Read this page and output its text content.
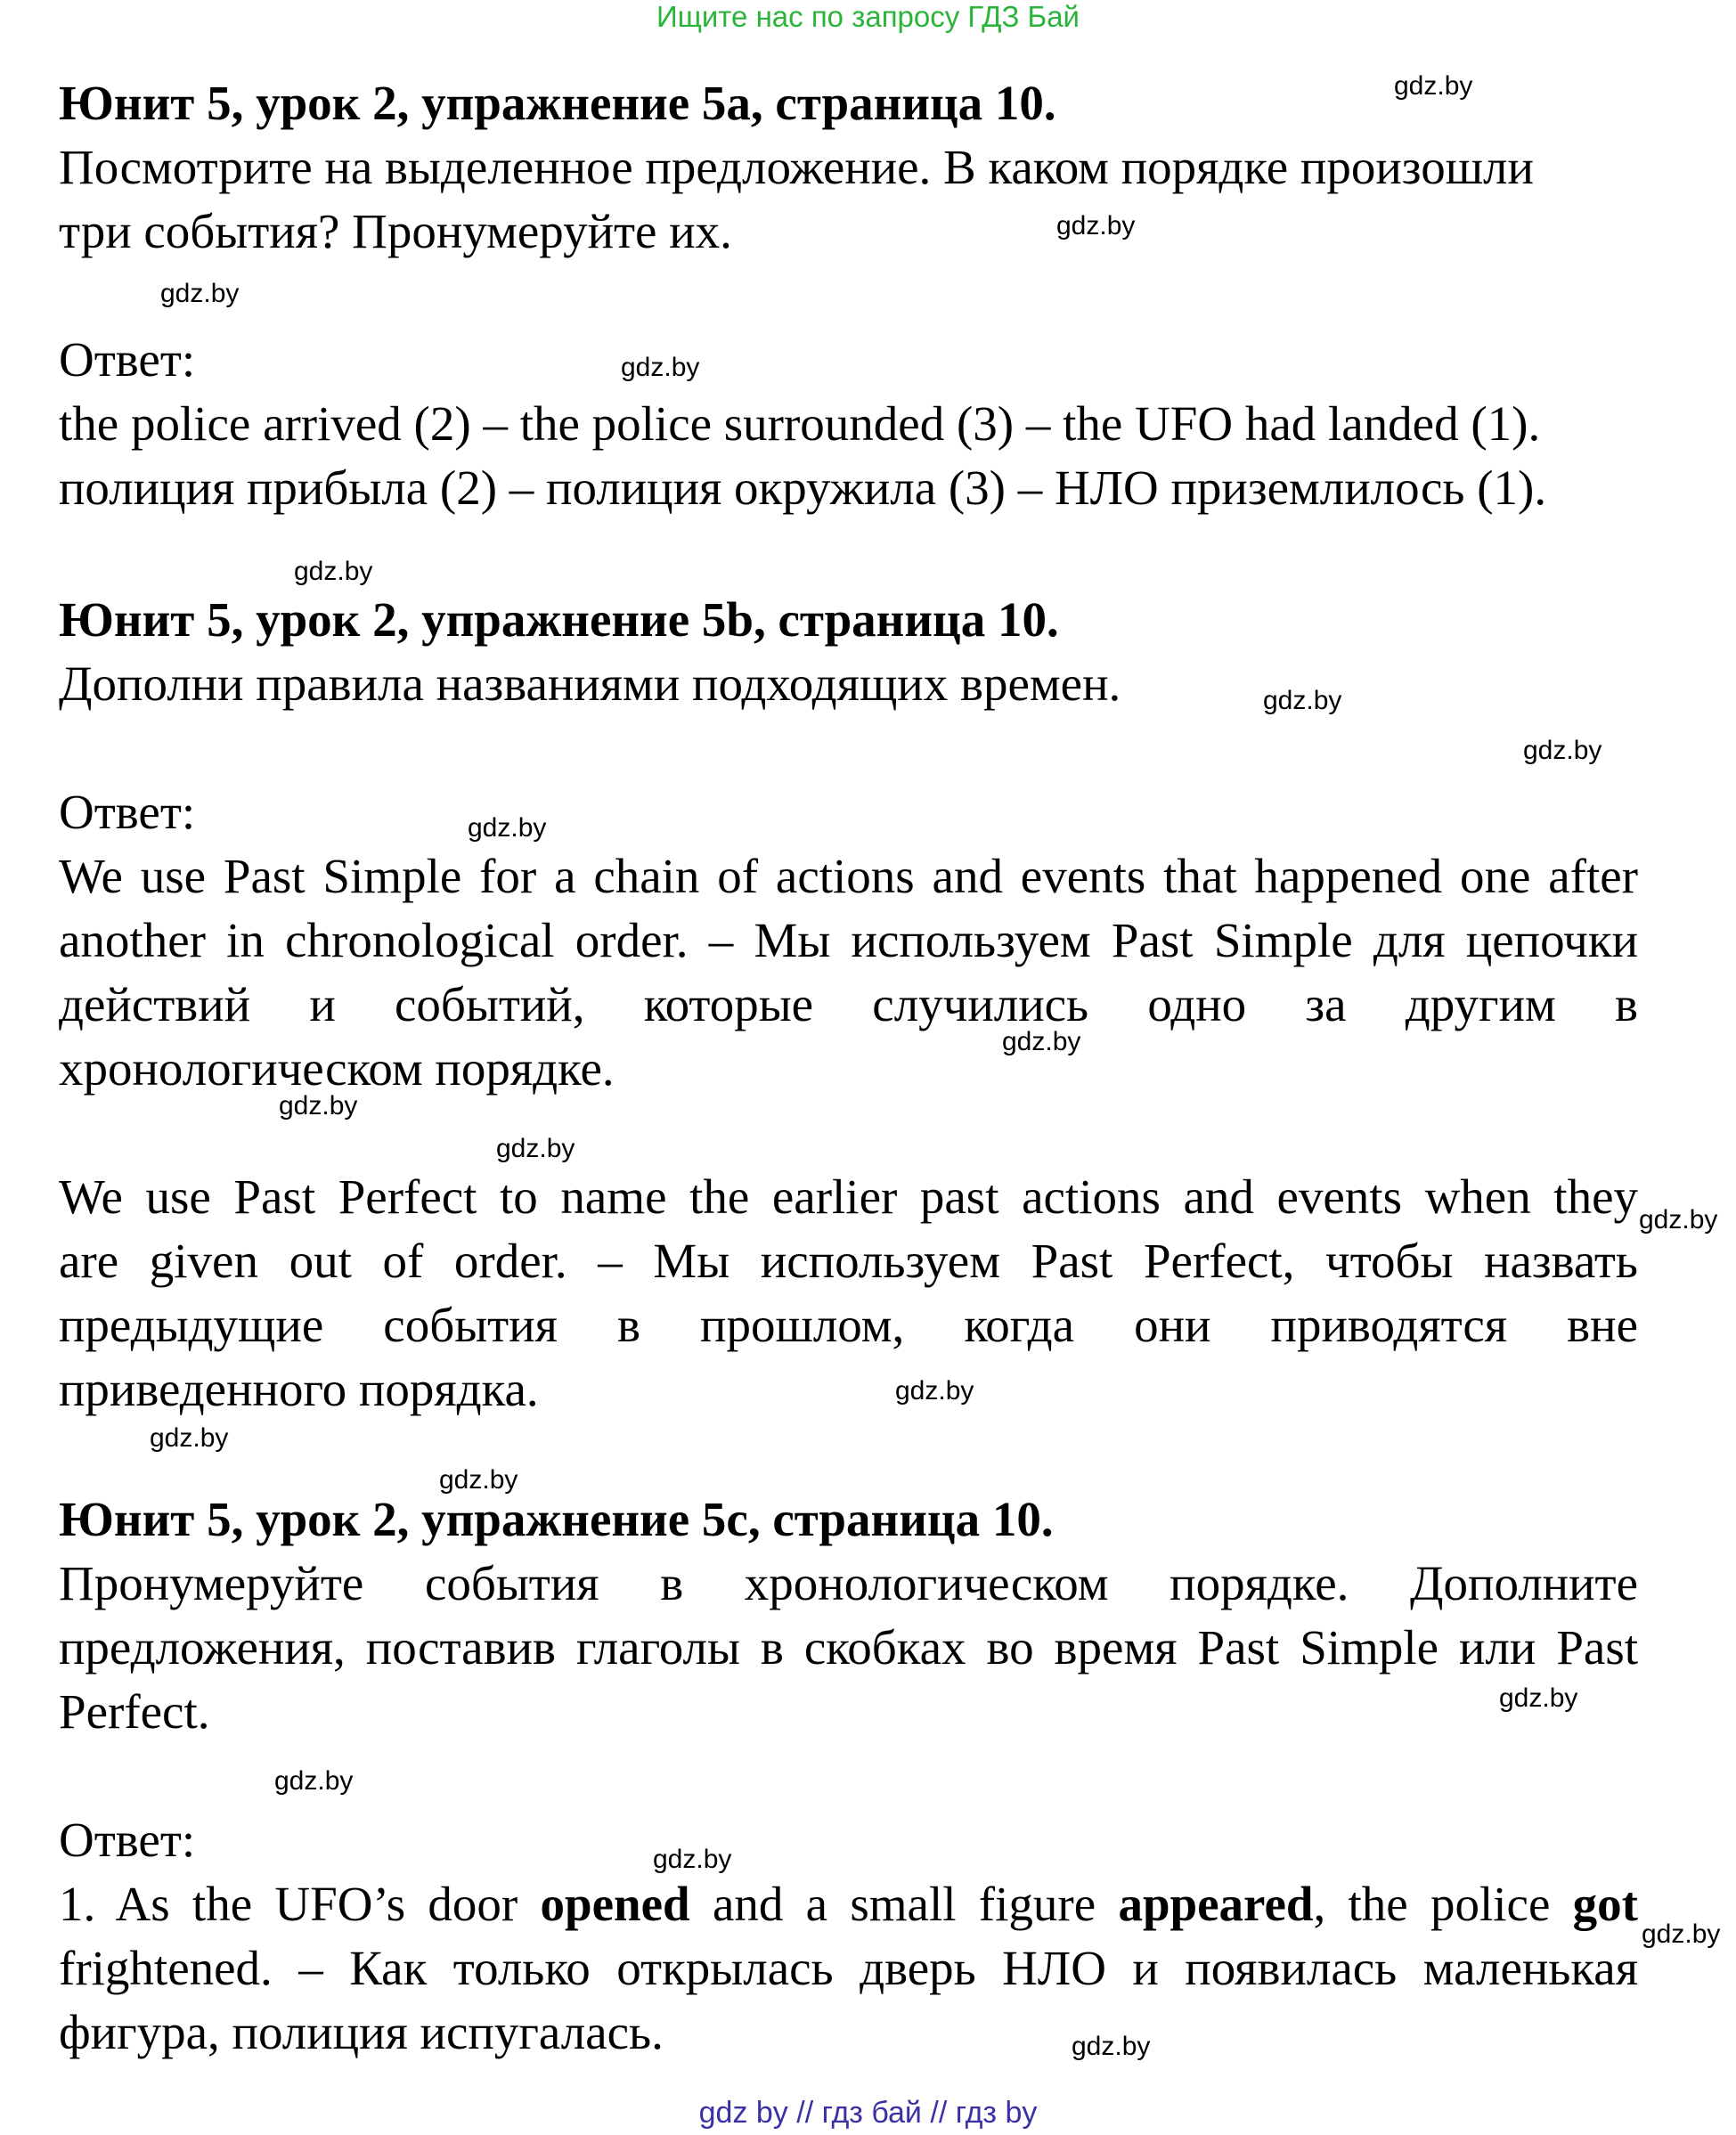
Ищите нас по запросу ГДЗ Бай
Юнит 5, урок 2, упражнение 5a, страница 10.
Посмотрите на выделенное предложение. В каком порядке произошли
три события? Пронумеруйте их.
Ответ:
the police arrived (2) – the police surrounded (3) – the UFO had landed (1).
полиция прибыла (2) – полиция окружила (3) – НЛО приземлилось (1).
Юнит 5, урок 2, упражнение 5b, страница 10.
Дополни правила названиями подходящих времен.
Ответ:
We use Past Simple for a chain of actions and events that happened one after
another in chronological order. – Мы используем Past Simple для цепочки
действий и событий, которые случились одно за другим в
хронологическом порядке.
We use Past Perfect to name the earlier past actions and events when they
are given out of order. – Мы используем Past Perfect, чтобы назвать
предыдущие события в прошлом, когда они приводятся вне
приведенного порядка.
Юнит 5, урок 2, упражнение 5c, страница 10.
Пронумеруйте события в хронологическом порядке. Дополните
предложения, поставив глаголы в скобках во время Past Simple или Past
Perfect.
Ответ:
1. As the UFO’s door opened and a small figure appeared, the police got
frightened. – Как только открылась дверь НЛО и появилась маленькая
фигура, полиция испугалась.
gdz.by
gdz.by
gdz.by
gdz.by
gdz.by
gdz.by
gdz.by
gdz.by
gdz.by
gdz.by
gdz.by
gdz.by
gdz.by
gdz.by
gdz.by
gdz.by
gdz.by
gdz.by
gdz.by
gdz.by
gdz by // гдз бай // гдз by
